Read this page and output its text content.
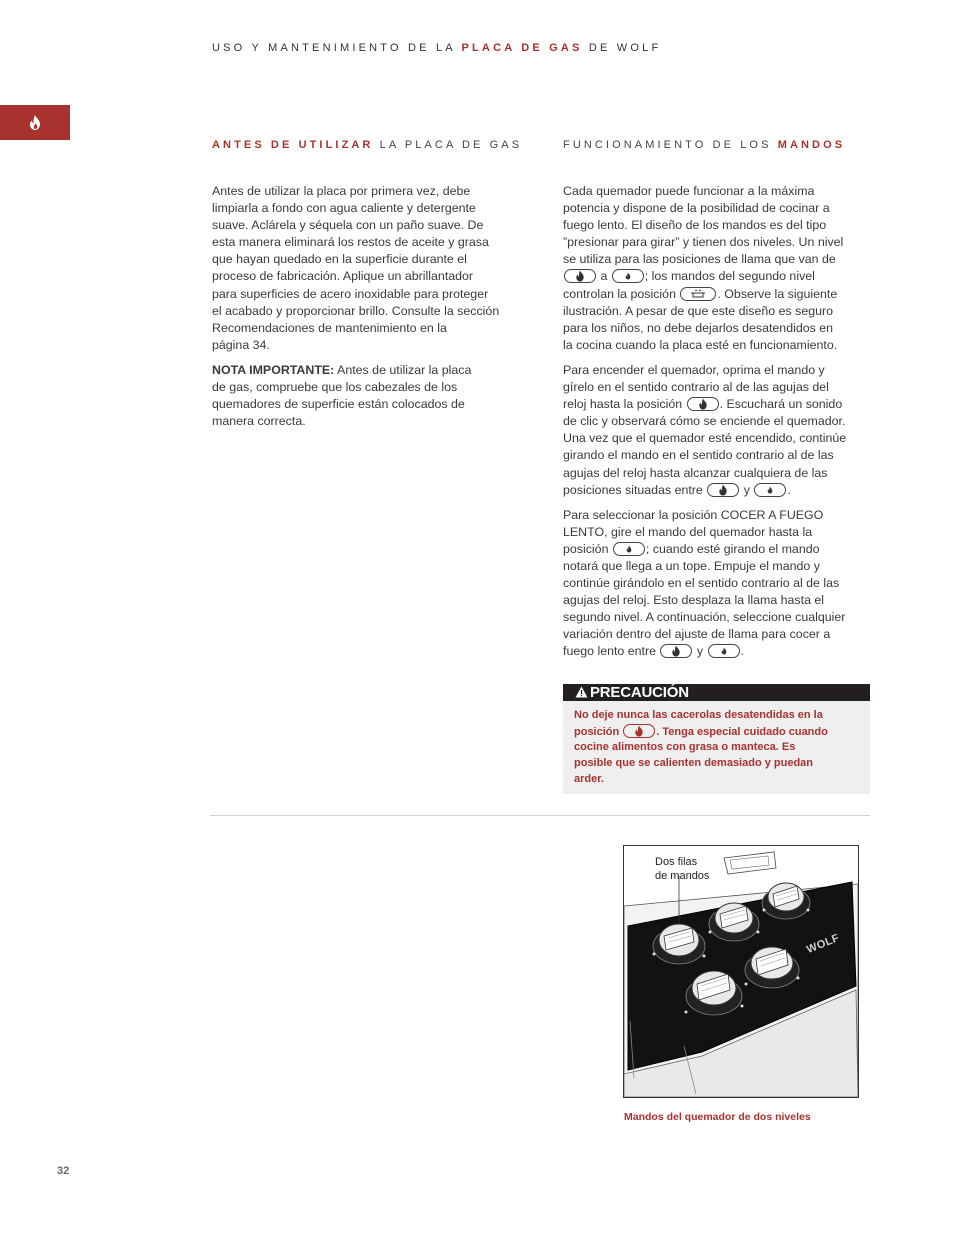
USO Y MANTENIMIENTO DE LA PLACA DE GAS DE WOLF
ANTES DE UTILIZAR LA PLACA DE GAS	FUNCIONAMIENTO DE LOS MANDOS

Antes de utilizar la placa por primera vez, debe
limpiarla a fondo con agua caliente y detergente
suave. Aclárela y séquela con un paño suave. De
esta manera eliminará los restos de aceite y grasa
que hayan quedado en la superficie durante el
proceso de fabricación. Aplique un abrillantador
para superficies de acero inoxidable para proteger
el acabado y proporcionar brillo. Consulte la sección
Recomendaciones de mantenimiento en la
página 34.

NOTA IMPORTANTE: Antes de utilizar la placa
de gas, compruebe que los cabezales de los
quemadores de superficie están colocados de
manera correcta.

Cada quemador puede funcionar a la máxima
potencia y dispone de la posibilidad de cocinar a
fuego lento. El diseño de los mandos es del tipo
”presionar para girar” y tienen dos niveles. Un nivel
se utiliza para las posiciones de llama que van de

a	; los mandos del segundo nivel
controlan la posición	. Observe la siguiente
ilustración. A pesar de que este diseño es seguro
para los niños, no debe dejarlos desatendidos en
la cocina cuando la placa esté en funcionamiento.

Para encender el quemador, oprima el mando y
gírelo en el sentido contrario al de las agujas del
reloj hasta la posición	. Escuchará un sonido
de clic y observará cómo se enciende el quemador.
Una vez que el quemador esté encendido, continúe
girando el mando en el sentido contrario al de las
agujas del reloj hasta alcanzar cualquiera de las
posiciones situadas entre	y	.

Para seleccionar la posición COCER A FUEGO
LENTO, gire el mando del quemador hasta la
posición	; cuando esté girando el mando
notará que llega a un tope. Empuje el mando y
continúe girándolo en el sentido contrario al de las
agujas del reloj. Esto desplaza la llama hasta el
segundo nivel. A continuación, seleccione cualquier
variación dentro del ajuste de llama para cocer a
fuego lento entre	y	.

PRECAUCIÓN
No deje nunca las cacerolas desatendidas en la
posición	. Tenga especial cuidado cuando
cocine alimentos con grasa o manteca. Es
posible que se calienten demasiado y puedan
arder.
Dos filas
de mandos
WOLF
Mandos del quemador de dos niveles
32
